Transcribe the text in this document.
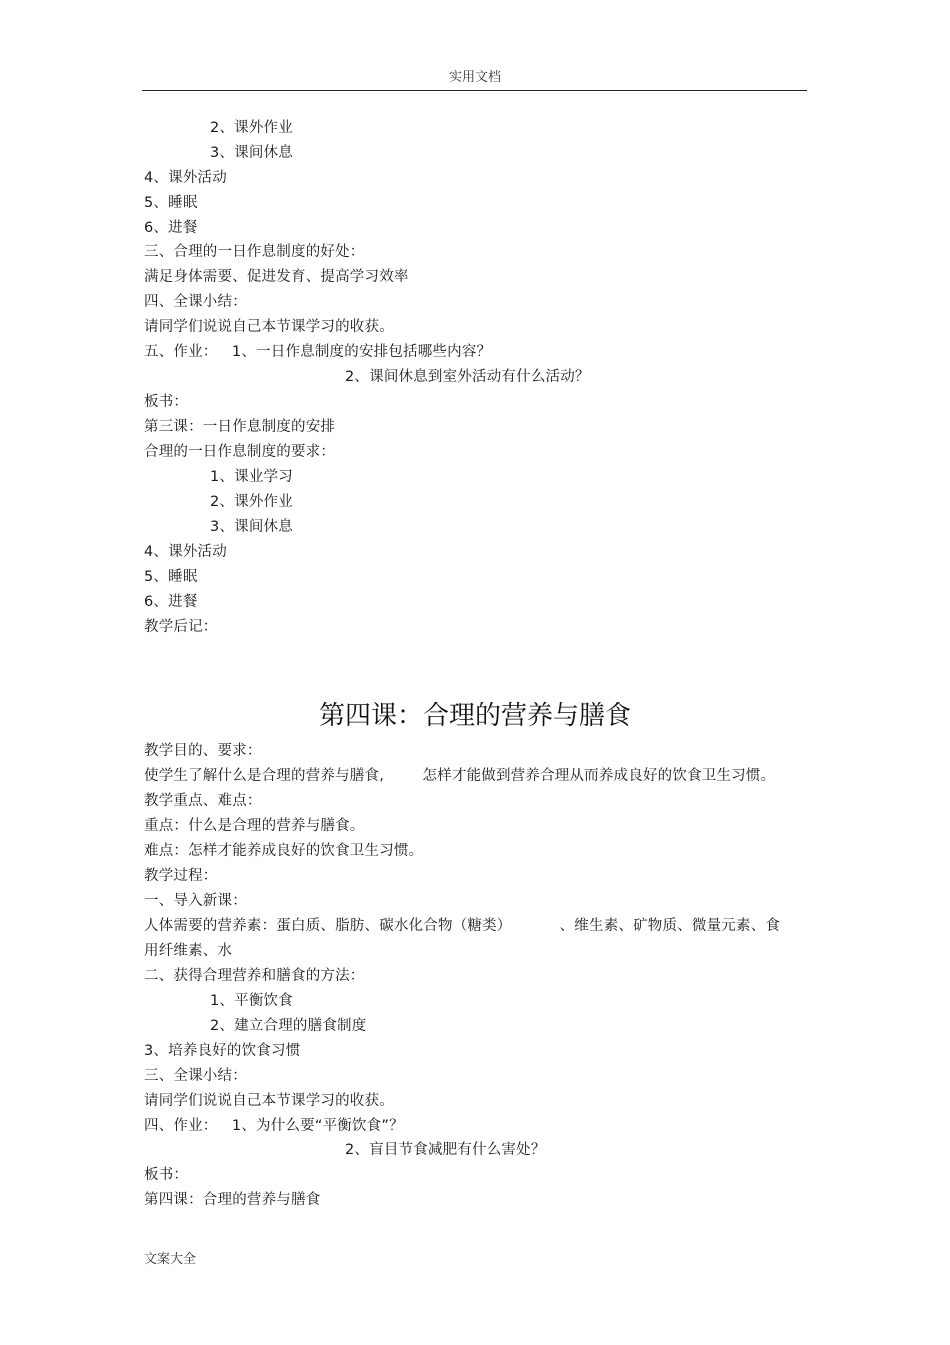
实用文档
2、课外作业
3、课间休息
4、课外活动
5、睡眠
6、进餐
三、合理的一日作息制度的好处：
满足身体需要、促进发育、提高学习效率
四、全课小结：
请同学们说说自己本节课学习的收获。
五、作业：   1、一日作息制度的安排包括哪些内容？
2、课间休息到室外活动有什么活动？
板书：
第三课：一日作息制度的安排
合理的一日作息制度的要求：
1、课业学习
2、课外作业
3、课间休息
4、课外活动
5、睡眠
6、进餐
教学后记：
第四课：合理的营养与膳食
教学目的、要求：
使学生了解什么是合理的营养与膳食,        怎样才能做到营养合理从而养成良好的饮食卫生习惯。
教学重点、难点：
重点：什么是合理的营养与膳食。
难点：怎样才能养成良好的饮食卫生习惯。
教学过程：
一、导入新课：
人体需要的营养素：蛋白质、脂肪、碳水化合物（糖类）          、维生素、矿物质、微量元素、食
用纤维素、水
二、获得合理营养和膳食的方法：
1、平衡饮食
2、建立合理的膳食制度
3、培养良好的饮食习惯
三、全课小结：
请同学们说说自己本节课学习的收获。
四、作业：   1、为什么要“平衡饮食”？
2、盲目节食减肥有什么害处？
板书：
第四课：合理的营养与膳食
文案大全
